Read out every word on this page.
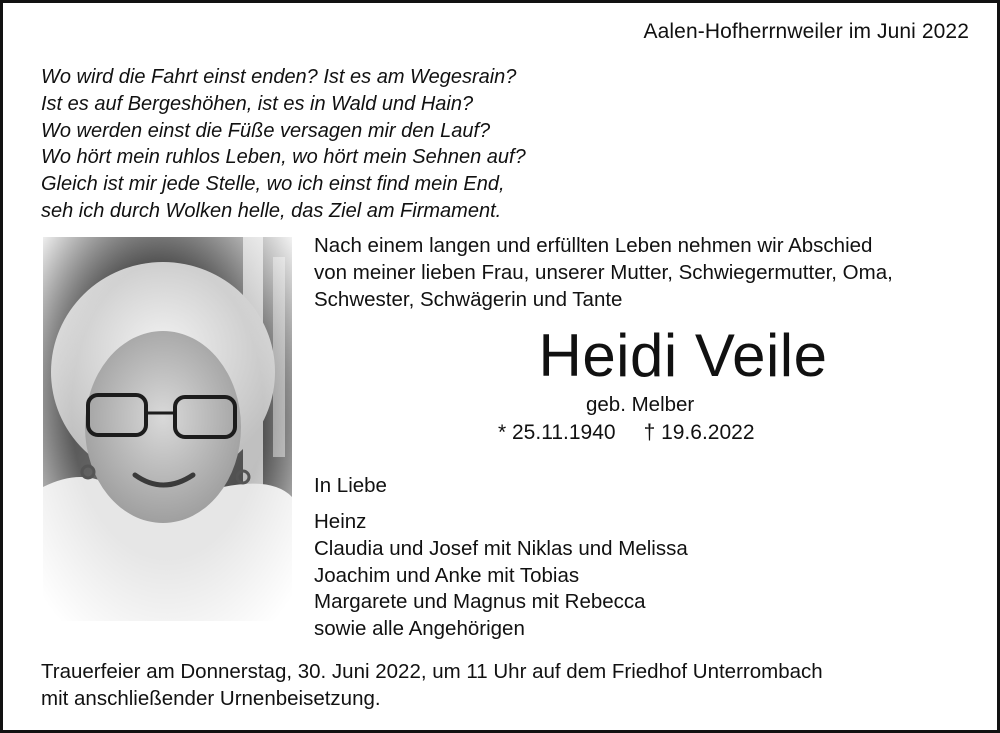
Aalen-Hofherrnweiler im Juni 2022
Wo wird die Fahrt einst enden? Ist es am Wegesrain?
Ist es auf Bergeshöhen, ist es in Wald und Hain?
Wo werden einst die Füße versagen mir den Lauf?
Wo hört mein ruhlos Leben, wo hört mein Sehnen auf?
Gleich ist mir jede Stelle, wo ich einst find mein End,
seh ich durch Wolken helle, das Ziel am Firmament.
Nach einem langen und erfüllten Leben nehmen wir Abschied
von meiner lieben Frau, unserer Mutter, Schwiegermutter, Oma,
Schwester, Schwägerin und Tante
Heidi Veile
geb. Melber
* 25.11.1940 † 19.6.2022
In Liebe
Heinz
Claudia und Josef mit Niklas und Melissa
Joachim und Anke mit Tobias
Margarete und Magnus mit Rebecca
sowie alle Angehörigen
Trauerfeier am Donnerstag, 30. Juni 2022, um 11 Uhr auf dem Friedhof Unterrombach
mit anschließender Urnenbeisetzung.
